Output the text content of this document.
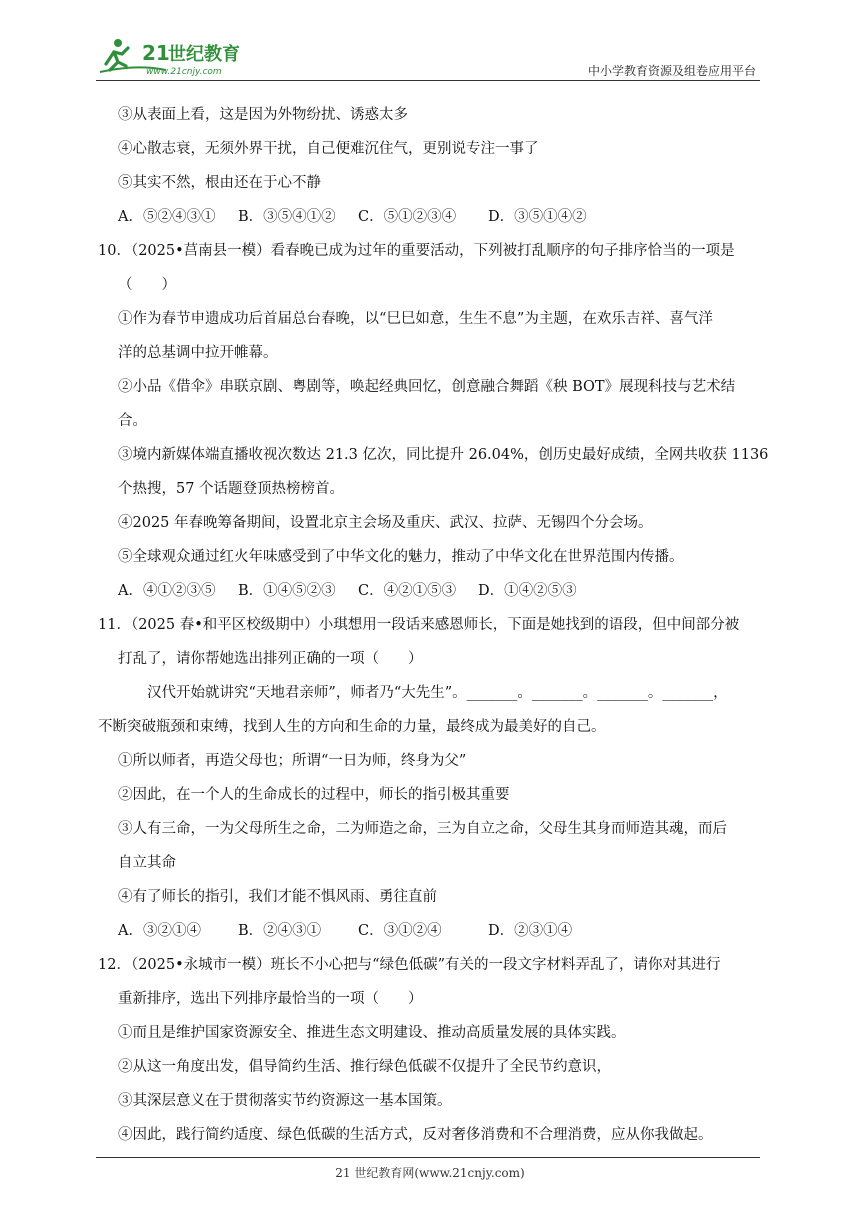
21
世纪教育
www.21cnjy.com	中小学教育资源及组卷应用平台
③从表面上看，这是因为外物纷扰、诱惑太多
④心散志衰，无须外界干扰，自己便难沉住气，更别说专注一事了
⑤其实不然，根由还在于心不静
A．⑤②④③① B．③⑤④①② C．⑤①②③④ D．③⑤①④②
10．（2025•莒南县一模）看春晚已成为过年的重要活动，下列被打乱顺序的句子排序恰当的一项是
（　　）
①作为春节申遗成功后首届总台春晚，以“巳巳如意，生生不息”为主题，在欢乐吉祥、喜气洋
洋的总基调中拉开帷幕。
②小品《借伞》串联京剧、粤剧等，唤起经典回忆，创意融合舞蹈《秧 BOT》展现科技与艺术结
合。
③境内新媒体端直播收视次数达 21.3 亿次，同比提升 26.04%，创历史最好成绩，全网共收获 1136
个热搜，57 个话题登顶热榜榜首。
④2025 年春晚筹备期间，设置北京主会场及重庆、武汉、拉萨、无锡四个分会场。
⑤全球观众通过红火年味感受到了中华文化的魅力，推动了中华文化在世界范围内传播。
A．④①②③⑤ B．①④⑤②③ C．④②①⑤③ D．①④②⑤③
11．（2025 春•和平区校级期中）小琪想用一段话来感恩师长，下面是她找到的语段，但中间部分被
打乱了，请你帮她选出排列正确的一项（　　）
　　汉代开始就讲究“天地君亲师”，师者乃“大先生”。_______。_______。_______。_______，
不断突破瓶颈和束缚，找到人生的方向和生命的力量，最终成为最美好的自己。
①所以师者，再造父母也；所谓“一日为师，终身为父”
②因此，在一个人的生命成长的过程中，师长的指引极其重要
③人有三命，一为父母所生之命，二为师造之命，三为自立之命，父母生其身而师造其魂，而后
自立其命
④有了师长的指引，我们才能不惧风雨、勇往直前
A．③②①④	B．②④③①	C．③①②④	D．②③①④
12．（2025•永城市一模）班长不小心把与“绿色低碳”有关的一段文字材料弄乱了，请你对其进行
重新排序，选出下列排序最恰当的一项（　　）
①而且是维护国家资源安全、推进生态文明建设、推动高质量发展的具体实践。
②从这一角度出发，倡导简约生活、推行绿色低碳不仅提升了全民节约意识，
③其深层意义在于贯彻落实节约资源这一基本国策。
④因此，践行简约适度、绿色低碳的生活方式，反对奢侈消费和不合理消费，应从你我做起。
21 世纪教育网(www.21cnjy.com)
